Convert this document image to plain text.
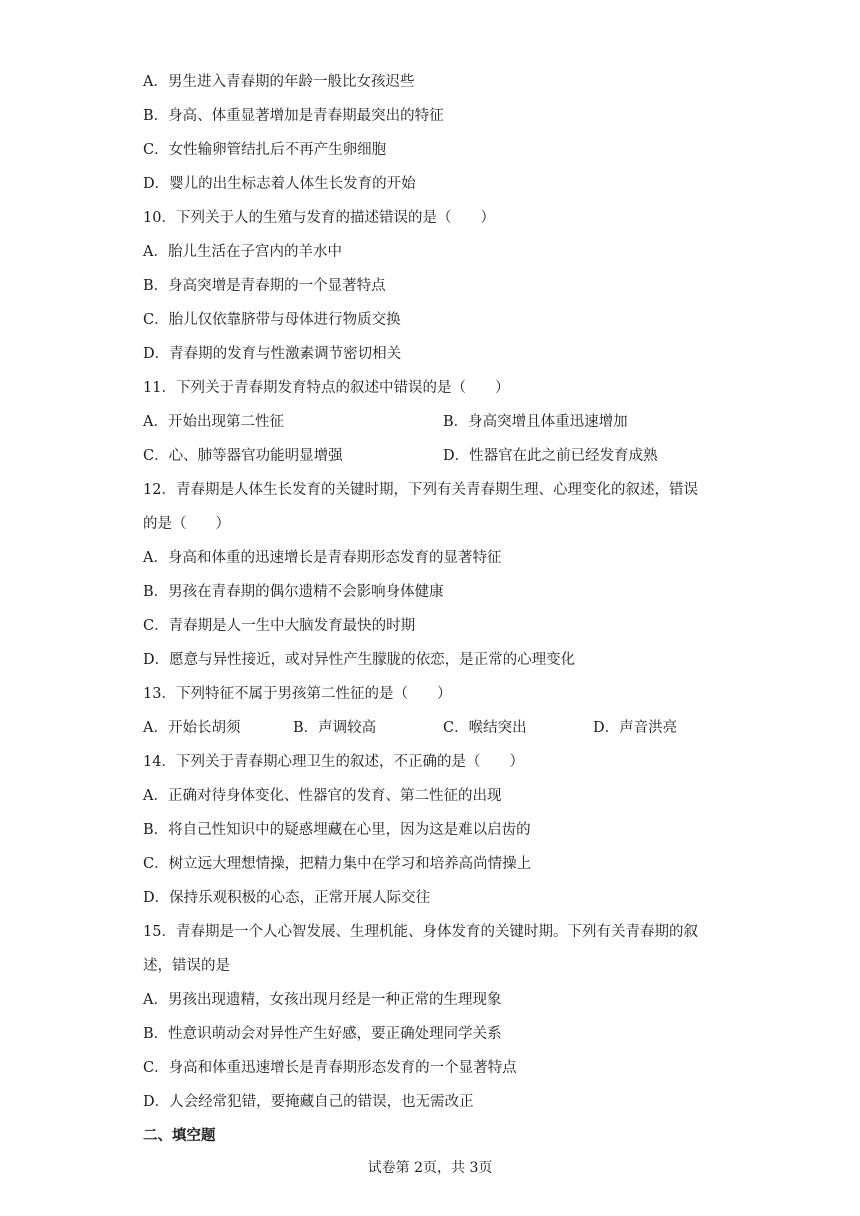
A．男生进入青春期的年龄一般比女孩迟些
B．身高、体重显著增加是青春期最突出的特征
C．女性输卵管结扎后不再产生卵细胞
D．婴儿的出生标志着人体生长发育的开始
10．下列关于人的生殖与发育的描述错误的是（　　）
A．胎儿生活在子宫内的羊水中
B．身高突增是青春期的一个显著特点
C．胎儿仅依靠脐带与母体进行物质交换
D．青春期的发育与性激素调节密切相关
11．下列关于青春期发育特点的叙述中错误的是（　　）
A．开始出现第二性征	B．身高突增且体重迅速增加
C．心、肺等器官功能明显增强	D．性器官在此之前已经发育成熟
12．青春期是人体生长发育的关键时期，下列有关青春期生理、心理变化的叙述，错误
的是（　　）
A．身高和体重的迅速增长是青春期形态发育的显著特征
B．男孩在青春期的偶尔遗精不会影响身体健康
C．青春期是人一生中大脑发育最快的时期
D．愿意与异性接近，或对异性产生朦胧的依恋，是正常的心理变化
13．下列特征不属于男孩第二性征的是（　　）
A．开始长胡须	B．声调较高	C．喉结突出	D．声音洪亮
14．下列关于青春期心理卫生的叙述，不正确的是（　　）
A．正确对待身体变化、性器官的发育、第二性征的出现
B．将自己性知识中的疑惑埋藏在心里，因为这是难以启齿的
C．树立远大理想情操，把精力集中在学习和培养高尚情操上
D．保持乐观积极的心态，正常开展人际交往
15．青春期是一个人心智发展、生理机能、身体发育的关键时期。下列有关青春期的叙
述，错误的是
A．男孩出现遗精，女孩出现月经是一种正常的生理现象
B．性意识萌动会对异性产生好感，要正确处理同学关系
C．身高和体重迅速增长是青春期形态发育的一个显著特点
D．人会经常犯错，要掩藏自己的错误，也无需改正
二、填空题
试卷第 2页，共 3页
